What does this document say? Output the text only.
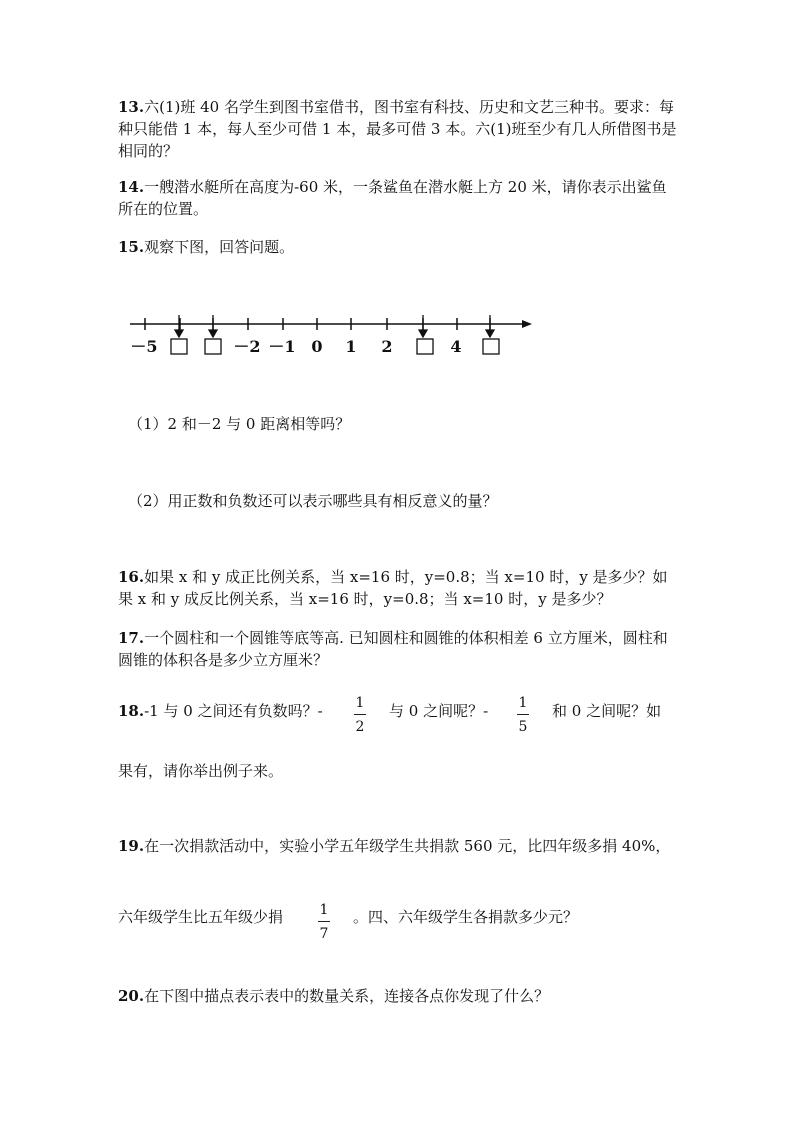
13.六(1)班 40 名学生到图书室借书，图书室有科技、历史和文艺三种书。要求：每种只能借 1 本，每人至少可借 1 本，最多可借 3 本。六(1)班至少有几人所借图书是相同的？
14.一艘潜水艇所在高度为-60 米，一条鲨鱼在潜水艇上方 20 米，请你表示出鲨鱼所在的位置。
15.观察下图，回答问题。
－5	－2 －1 0 1 2	4
（1）2 和－2 与 0 距离相等吗？
（2）用正数和负数还可以表示哪些具有相反意义的量？
16.如果 x 和 y 成正比例关系，当 x=16 时，y=0.8；当 x=10 时，y 是多少？如果 x 和 y 成反比例关系，当 x=16 时，y=0.8；当 x=10 时，y 是多少？
17.一个圆柱和一个圆锥等底等高. 已知圆柱和圆锥的体积相差 6 立方厘米，圆柱和圆锥的体积各是多少立方厘米？
18.-1 与 0 之间还有负数吗？- 1
2
与 0 之间呢？- 1
5
和 0 之间呢？如
果有，请你举出例子来。
19.在一次捐款活动中，实验小学五年级学生共捐款 560 元，比四年级多捐 40%，
六年级学生比五年级少捐	1
7
。四、六年级学生各捐款多少元？
20.在下图中描点表示表中的数量关系，连接各点你发现了什么？
